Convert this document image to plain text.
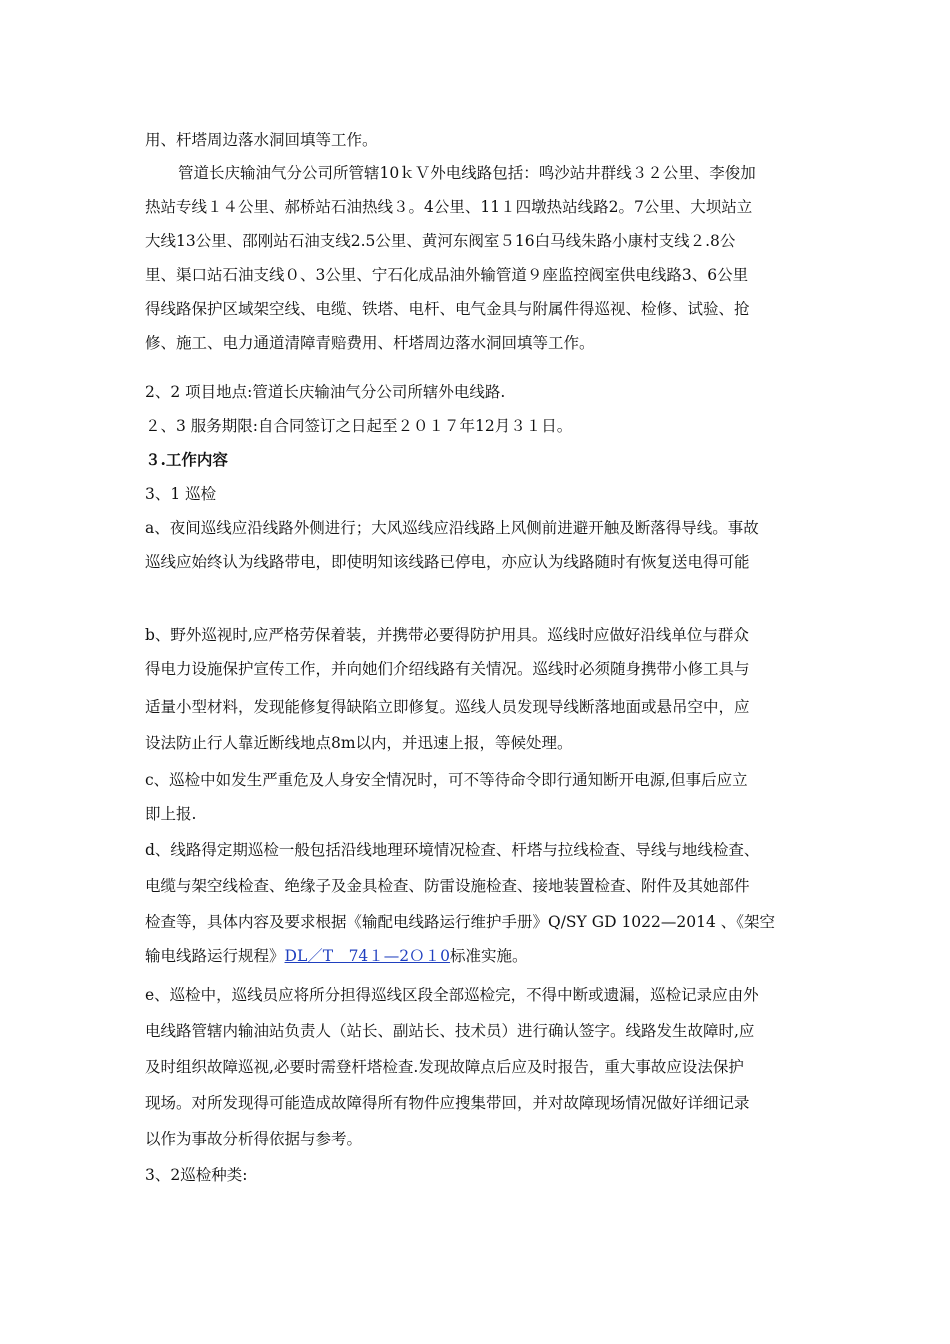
用、杆塔周边落水洞回填等工作。
管道长庆输油气分公司所管辖10ｋＶ外电线路包括：鸣沙站井群线３２公里、李俊加
热站专线１４公里、郝桥站石油热线３。4公里、11１四墩热站线路2。7公里、大坝站立
大线13公里、邵刚站石油支线2.5公里、黄河东阀室５16白马线朱路小康村支线２.8公
里、渠口站石油支线０、3公里、宁石化成品油外输管道９座监控阀室供电线路3、6公里
得线路保护区域架空线、电缆、铁塔、电杆、电气金具与附属件得巡视、检修、试验、抢
修、施工、电力通道清障青赔费用、杆塔周边落水洞回填等工作。
2、2 项目地点:管道长庆输油气分公司所辖外电线路.
２、3 服务期限:自合同签订之日起至２０１７年12月３１日。
３.工作内容
3、1 巡检
a、夜间巡线应沿线路外侧进行；大风巡线应沿线路上风侧前进避开触及断落得导线。事故
巡线应始终认为线路带电，即使明知该线路已停电，亦应认为线路随时有恢复送电得可能
b、野外巡视时,应严格劳保着装，并携带必要得防护用具。巡线时应做好沿线单位与群众
得电力设施保护宣传工作，并向她们介绍线路有关情况。巡线时必须随身携带小修工具与
适量小型材料，发现能修复得缺陷立即修复。巡线人员发现导线断落地面或悬吊空中，应
设法防止行人靠近断线地点8m以内，并迅速上报，等候处理。
c、巡检中如发生严重危及人身安全情况时，可不等待命令即行通知断开电源,但事后应立
即上报.
d、线路得定期巡检一般包括沿线地理环境情况检查、杆塔与拉线检查、导线与地线检查、
电缆与架空线检查、绝缘子及金具检查、防雷设施检查、接地装置检查、附件及其她部件
检查等，具体内容及要求根据《输配电线路运行维护手册》Q/SY GD 1022—2014 、《架空
输电线路运行规程》DL／T　74１—2Ｏ１0标准实施。
e、巡检中，巡线员应将所分担得巡线区段全部巡检完，不得中断或遗漏，巡检记录应由外
电线路管辖内输油站负责人（站长、副站长、技术员）进行确认签字。线路发生故障时,应
及时组织故障巡视,必要时需登杆塔检查.发现故障点后应及时报告，重大事故应设法保护
现场。对所发现得可能造成故障得所有物件应搜集带回，并对故障现场情况做好详细记录
以作为事故分析得依据与参考。
3、2巡检种类:
